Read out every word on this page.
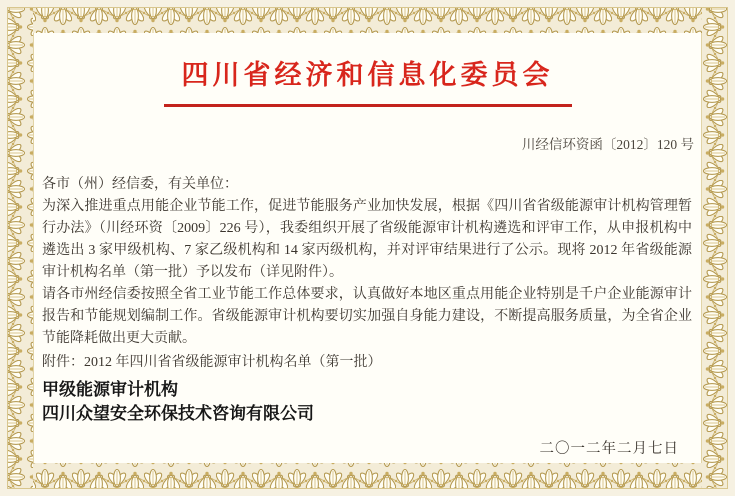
四川省经济和信息化委员会
川经信环资函〔2012〕120 号
各市（州）经信委，有关单位：
为深入推进重点用能企业节能工作，促进节能服务产业加快发展，根据《四川省省级能源审计机构管理暂行办法》（川经环资〔2009〕226 号），我委组织开展了省级能源审计机构遴选和评审工作，从申报机构中遴选出 3 家甲级机构、7 家乙级机构和 14 家丙级机构，并对评审结果进行了公示。现将 2012 年省级能源审计机构名单（第一批）予以发布（详见附件）。
请各市州经信委按照全省工业节能工作总体要求，认真做好本地区重点用能企业特别是千户企业能源审计报告和节能规划编制工作。省级能源审计机构要切实加强自身能力建设，不断提高服务质量，为全省企业节能降耗做出更大贡献。
附件：2012 年四川省省级能源审计机构名单（第一批）
甲级能源审计机构
四川众望安全环保技术咨询有限公司
二〇一二年二月七日
